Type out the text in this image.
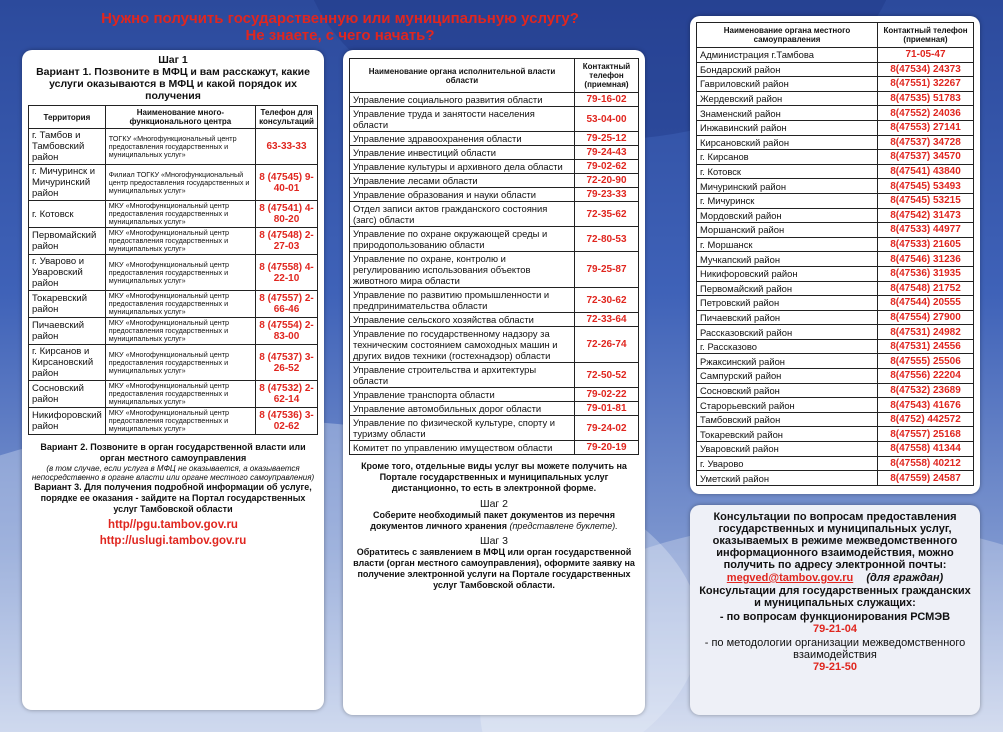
Нужно получить государственную или муниципальную услугу?
Не знаете, с чего начать?
Шаг 1
Вариант 1. Позвоните в МФЦ и вам расскажут, какие услуги оказываются в МФЦ и какой порядок их получения
Территория	Наименование много-функционального центра	Телефон для консультаций
г. Тамбов и Тамбовский район	ТОГКУ «Многофункциональный центр предоставления государственных и муниципальных услуг»	63-33-33
г. Мичуринск и Мичуринский район	Филиал ТОГКУ «Многофункциональный центр предоставления государственных и муниципальных услуг»	8 (47545) 9-40-01
г. Котовск	МКУ «Многофункциональный центр предоставления государственных и муниципальных услуг»	8 (47541) 4-80-20
Первомайский район	МКУ «Многофункциональный центр предоставления государственных и муниципальных услуг»	8 (47548) 2-27-03
г. Уварово и Уваровский район	МКУ «Многофункциональный центр предоставления государственных и муниципальных услуг»	8 (47558) 4-22-10
Токаревский район	МКУ «Многофункциональный центр предоставления государственных и муниципальных услуг»	8 (47557) 2-66-46
Пичаевский район	МКУ «Многофункциональный центр предоставления государственных и муниципальных услуг»	8 (47554) 2-83-00
г. Кирсанов и Кирсановский район	МКУ «Многофункциональный центр предоставления государственных и муниципальных услуг»	8 (47537) 3-26-52
Сосновский район	МКУ «Многофункциональный центр предоставления государственных и муниципальных услуг»	8 (47532) 2-62-14
Никифоровский район	МКУ «Многофункциональный центр предоставления государственных и муниципальных услуг»	8 (47536) 3-02-62
Вариант 2. Позвоните в орган государственной власти или орган местного самоуправления
(в том случае, если услуга в МФЦ не оказывается, а оказывается непосредственно в органе власти или органе местного самоуправления)
Вариант 3. Для получения подробной информации об услуге, порядке ее оказания - зайдите на Портал государственных услуг Тамбовской области
http//pgu.tambov.gov.ru
http://uslugi.tambov.gov.ru
Наименование органа исполнительной власти области	Контактный телефон (приемная)
Управление социального развития области	79-16-02
Управление труда и занятости населения области	53-04-00
Управление здравоохранения области	79-25-12
Управление инвестиций области	79-24-43
Управление культуры и архивного дела области	79-02-62
Управление лесами области	72-20-90
Управление образования и науки области	79-23-33
Отдел записи актов гражданского состояния (загс) области	72-35-62
Управление по охране окружающей среды и природопользованию области	72-80-53
Управление по охране, контролю и регулированию использования объектов животного мира области	79-25-87
Управление по развитию промышленности и предпринимательства области	72-30-62
Управление сельского хозяйства области	72-33-64
Управление по государственному надзору за техническим состоянием самоходных машин и других видов техники (гостехнадзор) области	72-26-74
Управление строительства и архитектуры области	72-50-52
Управление транспорта области	79-02-22
Управление автомобильных дорог области	79-01-81
Управление по физической культуре, спорту и туризму области	79-24-02
Комитет по управлению имуществом области	79-20-19
Кроме того, отдельные виды услуг вы можете получить на Портале государственных и муниципальных услуг дистанционно, то есть в электронной форме.
Шаг 2
Соберите необходимый пакет документов из перечня документов личного хранения (представлене буклете).
Шаг 3
Обратитесь с заявлением в МФЦ или орган государственной власти (орган местного самоуправления), оформите заявку на получение электронной услуги на Портале государственных услуг Тамбовской области.
Наименование органа местного самоуправления	Контактный телефон (приемная)
Администрация г.Тамбова	71-05-47
Бондарский район	8(47534) 24373
Гавриловский район	8(47551) 32267
Жердевский район	8(47535) 51783
Знаменский район	8(47552) 24036
Инжавинский район	8(47553) 27141
Кирсановский район	8(47537) 34728
г. Кирсанов	8(47537) 34570
г. Котовск	8(47541) 43840
Мичуринский район	8(47545) 53493
г. Мичуринск	8(47545) 53215
Мордовский район	8(47542) 31473
Моршанский район	8(47533) 44977
г. Моршанск	8(47533) 21605
Мучкапский район	8(47546) 31236
Никифоровский район	8(47536) 31935
Первомайский район	8(47548) 21752
Петровский район	8(47544) 20555
Пичаевский район	8(47554) 27900
Рассказовский район	8(47531) 24982
г. Рассказово	8(47531) 24556
Ржаксинский район	8(47555) 25506
Сампурский район	8(47556) 22204
Сосновский район	8(47532) 23689
Старорьевский район	8(47543) 41676
Тамбовский район	8(4752) 442572
Токаревский район	8(47557) 25168
Уваровский район	8(47558) 41344
г. Уварово	8(47558) 40212
Уметский район	8(47559) 24587
Консультации по вопросам предоставления государственных и муниципальных услуг, оказываемых в режиме межведомственного информационного взаимодействия, можно получить по адресу электронной почты:
megved@tambov.gov.ru (для граждан)
Консультации для государственных гражданских и муниципальных служащих:
- по вопросам функционирования РСМЭВ
79-21-04
- по методологии организации межведомственного взаимодействия
79-21-50
